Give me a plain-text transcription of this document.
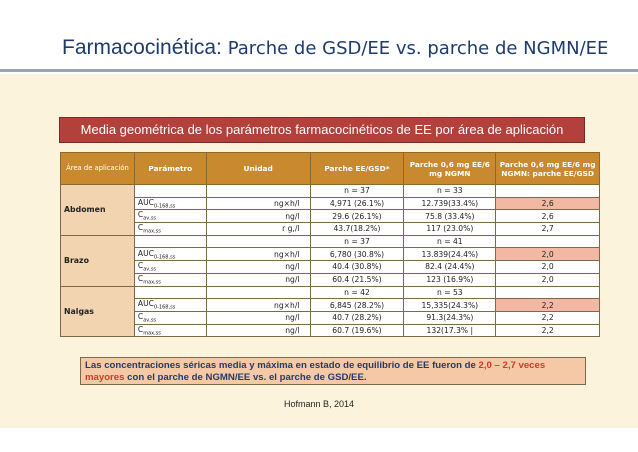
Farmacocinética: Parche de GSD/EE vs. parche de NGMN/EE
Media geométrica de los parámetros farmacocinéticos de EE por área de aplicación
Área de aplicación	Parámetro	Unidad	Parche EE/GSD*	Parche 0,6 mg EE/6 mg NGMN	Parche 0,6 mg EE/6 mg NGMN: parche EE/GSD
Abdomen			n = 37	n = 33	
	$AUC_{0-168,ss}$	ng×h/l	4,971 (26.1%)	12.739(33.4%)	2,6
	$C_{av,ss}$	ng/l	29.6 (26.1%)	75.8 (33.4%)	2,6
	$C_{max,ss}$	r g,/l	43.7(18.2%)	117 (23.0%)	2,7
Brazo			n = 37	n = 41	
	$AUC_{0-168,ss}$	ng×h/l	6,780 (30.8%)	13.839(24.4%)	2,0
	$C_{av,ss}$	ng/l	40.4 (30.8%)	82.4 (24.4%)	2,0
	$C_{max,ss}$	ng/l	60.4 (21.5%)	123 (16.9%)	2,0
Nalgas			n = 42	n = 53	
	$AUC_{0-168,ss}$	ng×h/l	6,845 (28.2%)	15,335(24.3%)	2,2
	$C_{av,ss}$	ng/l	40.7 (28.2%)	91.3(24.3%)	2,2
	$C_{max,ss}$	ng/l	60.7 (19.6%)	132(17.3% |	2,2
Las concentraciones séricas media y máxima en estado de equilibrio de EE fueron de 2,0 – 2,7 veces
mayores con el parche de NGMN/EE vs. el parche de GSD/EE.
Hofmann B, 2014
